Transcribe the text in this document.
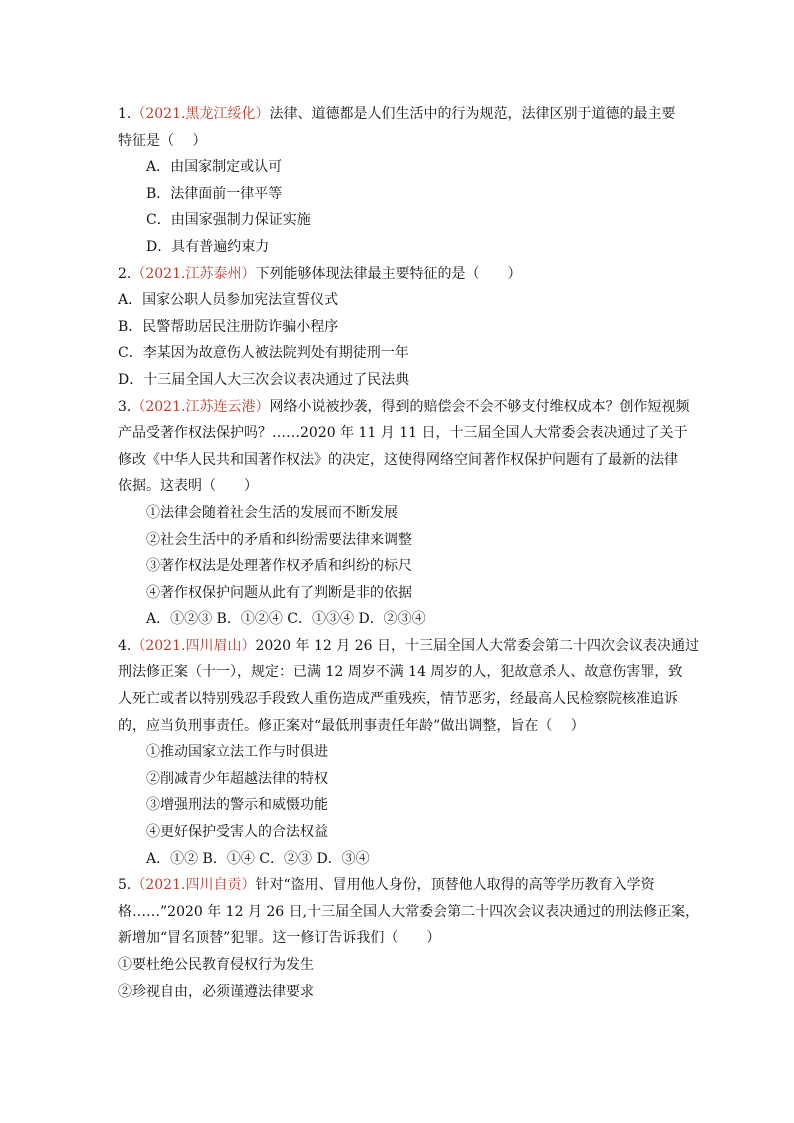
1.（2021.黑龙江绥化）法律、道德都是人们生活中的行为规范，法律区别于道德的最主要
特征是（　 ）
A．由国家制定或认可
B．法律面前一律平等
C．由国家强制力保证实施
D．具有普遍约束力
2.（2021.江苏泰州）下列能够体现法律最主要特征的是（　　）
A．国家公职人员参加宪法宣誓仪式
B．民警帮助居民注册防诈骗小程序
C．李某因为故意伤人被法院判处有期徒刑一年
D．十三届全国人大三次会议表决通过了民法典
3.（2021.江苏连云港）网络小说被抄袭，得到的赔偿会不会不够支付维权成本？创作短视频
产品受著作权法保护吗？……2020 年 11 月 11 日，十三届全国人大常委会表决通过了关于
修改《中华人民共和国著作权法》的决定，这使得网络空间著作权保护问题有了最新的法律
依据。这表明（　　）
①法律会随着社会生活的发展而不断发展
②社会生活中的矛盾和纠纷需要法律来调整
③著作权法是处理著作权矛盾和纠纷的标尺
④著作权保护问题从此有了判断是非的依据
A．①②③ B．①②④ C．①③④ D．②③④
4.（2021.四川眉山）2020 年 12 月 26 日，十三届全国人大常委会第二十四次会议表决通过
刑法修正案（十一），规定：已满 12 周岁不满 14 周岁的人，犯故意杀人、故意伤害罪，致
人死亡或者以特别残忍手段致人重伤造成严重残疾，情节恶劣，经最高人民检察院核准追诉
的，应当负刑事责任。修正案对“最低刑事责任年龄”做出调整，旨在（　 ）
①推动国家立法工作与时俱进
②削减青少年超越法律的特权
③增强刑法的警示和威慑功能
④更好保护受害人的合法权益
A．①② B．①④ C．②③ D．③④
5.（2021.四川自贡）针对“盗用、冒用他人身份，顶替他人取得的高等学历教育入学资
格……”2020 年 12 月 26 日,十三届全国人大常委会第二十四次会议表决通过的刑法修正案，
新增加“冒名顶替”犯罪。这一修订告诉我们（　　）
①要杜绝公民教育侵权行为发生
②珍视自由，必须谨遵法律要求
